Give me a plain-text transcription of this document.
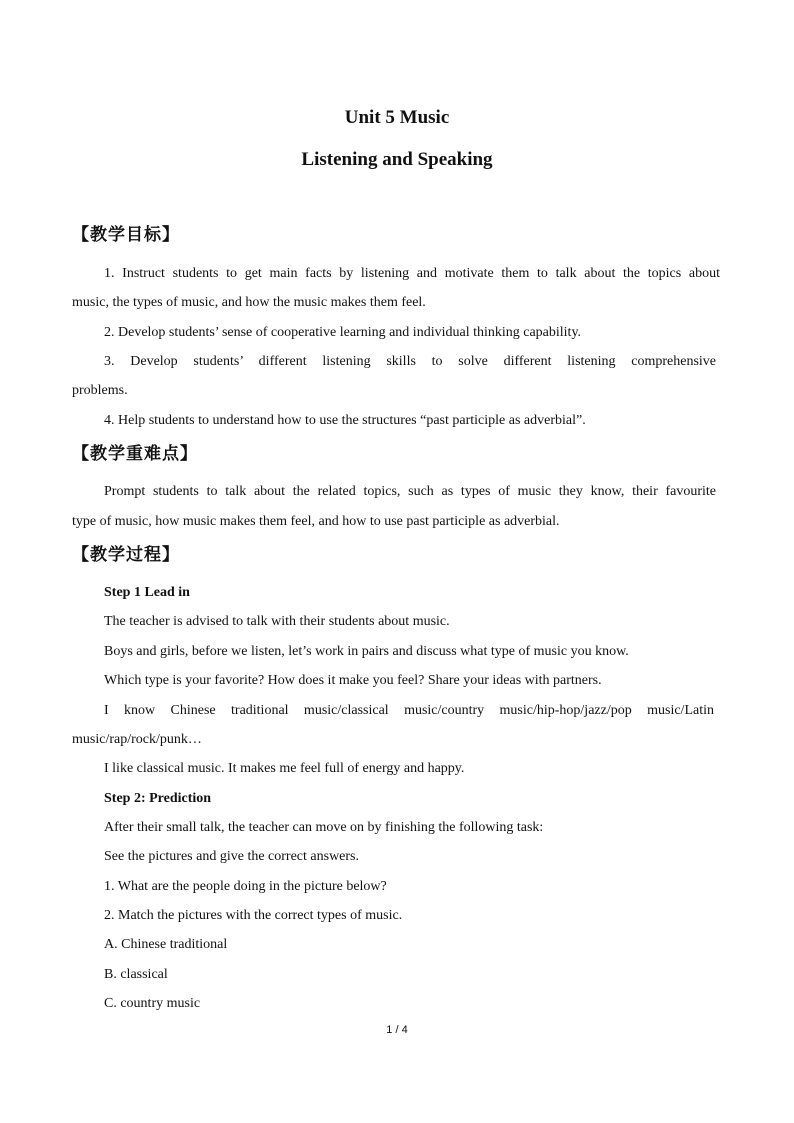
Unit 5 Music
Listening and Speaking
【教学目标】
1. Instruct students to get main facts by listening and motivate them to talk about the topics about
music, the types of music, and how the music makes them feel.
2. Develop students’ sense of cooperative learning and individual thinking capability.
3. Develop students’ different listening skills to solve different listening comprehensive
problems.
4. Help students to understand how to use the structures “past participle as adverbial”.
【教学重难点】
Prompt students to talk about the related topics, such as types of music they know, their favourite
type of music, how music makes them feel, and how to use past participle as adverbial.
【教学过程】
Step 1 Lead in
The teacher is advised to talk with their students about music.
Boys and girls, before we listen, let’s work in pairs and discuss what type of music you know.
Which type is your favorite? How does it make you feel? Share your ideas with partners.
I know Chinese traditional music/classical music/country music/hip-hop/jazz/pop music/Latin
music/rap/rock/punk…
I like classical music. It makes me feel full of energy and happy.
Step 2: Prediction
After their small talk, the teacher can move on by finishing the following task:
See the pictures and give the correct answers.
1. What are the people doing in the picture below?
2. Match the pictures with the correct types of music.
A. Chinese traditional
B. classical
C. country music
1 / 4
